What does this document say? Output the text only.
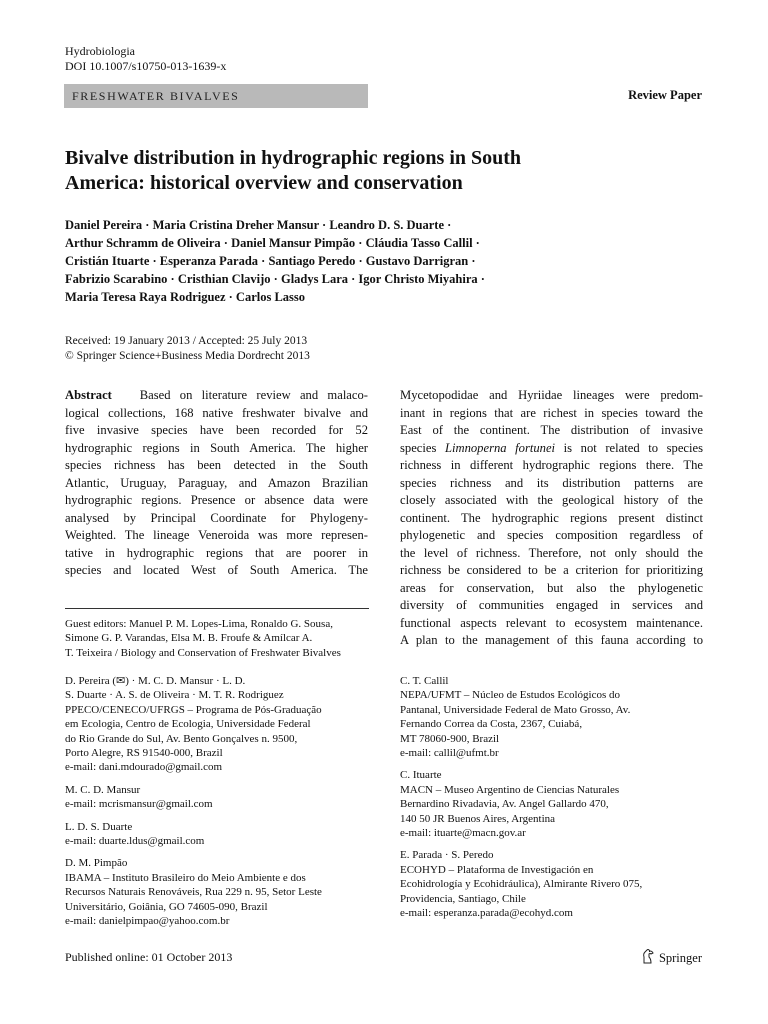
Hydrobiologia
DOI 10.1007/s10750-013-1639-x
FRESHWATER BIVALVES	Review Paper
Bivalve distribution in hydrographic regions in South
America: historical overview and conservation
Daniel Pereira · Maria Cristina Dreher Mansur · Leandro D. S. Duarte ·
Arthur Schramm de Oliveira · Daniel Mansur Pimpão · Cláudia Tasso Callil ·
Cristián Ituarte · Esperanza Parada · Santiago Peredo · Gustavo Darrigran ·
Fabrizio Scarabino · Cristhian Clavijo · Gladys Lara · Igor Christo Miyahira ·
Maria Teresa Raya Rodriguez · Carlos Lasso
Received: 19 January 2013 / Accepted: 25 July 2013
© Springer Science+Business Media Dordrecht 2013
Abstract Based on literature review and malaco-
logical collections, 168 native freshwater bivalve and
five invasive species have been recorded for 52
hydrographic regions in South America. The higher
species richness has been detected in the South
Atlantic, Uruguay, Paraguay, and Amazon Brazilian
hydrographic regions. Presence or absence data were
analysed by Principal Coordinate for Phylogeny-
Weighted. The lineage Veneroida was more represen-
tative in hydrographic regions that are poorer in
species and located West of South America. The
Mycetopodidae and Hyriidae lineages were predom-
inant in regions that are richest in species toward the
East of the continent. The distribution of invasive
species Limnoperna fortunei is not related to species
richness in different hydrographic regions there. The
species richness and its distribution patterns are
closely associated with the geological history of the
continent. The hydrographic regions present distinct
phylogenetic and species composition regardless of
the level of richness. Therefore, not only should the
richness be considered to be a criterion for prioritizing
areas for conservation, but also the phylogenetic
diversity of communities engaged in services and
functional aspects relevant to ecosystem maintenance.
A plan to the management of this fauna according to
Guest editors: Manuel P. M. Lopes-Lima, Ronaldo G. Sousa,
Simone G. P. Varandas, Elsa M. B. Froufe & Amílcar A.
T. Teixeira / Biology and Conservation of Freshwater Bivalves
D. Pereira (✉) · M. C. D. Mansur · L. D.
S. Duarte · A. S. de Oliveira · M. T. R. Rodriguez
PPECO/CENECO/UFRGS – Programa de Pós-Graduação
em Ecologia, Centro de Ecologia, Universidade Federal
do Rio Grande do Sul, Av. Bento Gonçalves n. 9500,
Porto Alegre, RS 91540-000, Brazil
e-mail: dani.mdourado@gmail.com
M. C. D. Mansur
e-mail: mcrismansur@gmail.com
L. D. S. Duarte
e-mail: duarte.ldus@gmail.com
D. M. Pimpão
IBAMA – Instituto Brasileiro do Meio Ambiente e dos
Recursos Naturais Renováveis, Rua 229 n. 95, Setor Leste
Universitário, Goiânia, GO 74605-090, Brazil
e-mail: danielpimpao@yahoo.com.br
C. T. Callil
NEPA/UFMT – Núcleo de Estudos Ecológicos do
Pantanal, Universidade Federal de Mato Grosso, Av.
Fernando Correa da Costa, 2367, Cuiabá,
MT 78060-900, Brazil
e-mail: callil@ufmt.br
C. Ituarte
MACN – Museo Argentino de Ciencias Naturales
Bernardino Rivadavia, Av. Angel Gallardo 470,
140 50 JR Buenos Aires, Argentina
e-mail: ituarte@macn.gov.ar
E. Parada · S. Peredo
ECOHYD – Plataforma de Investigación en
Ecohidrología y Ecohidráulica), Almirante Rivero 075,
Providencia, Santiago, Chile
e-mail: esperanza.parada@ecohyd.com
Published online: 01 October 2013	Springer
